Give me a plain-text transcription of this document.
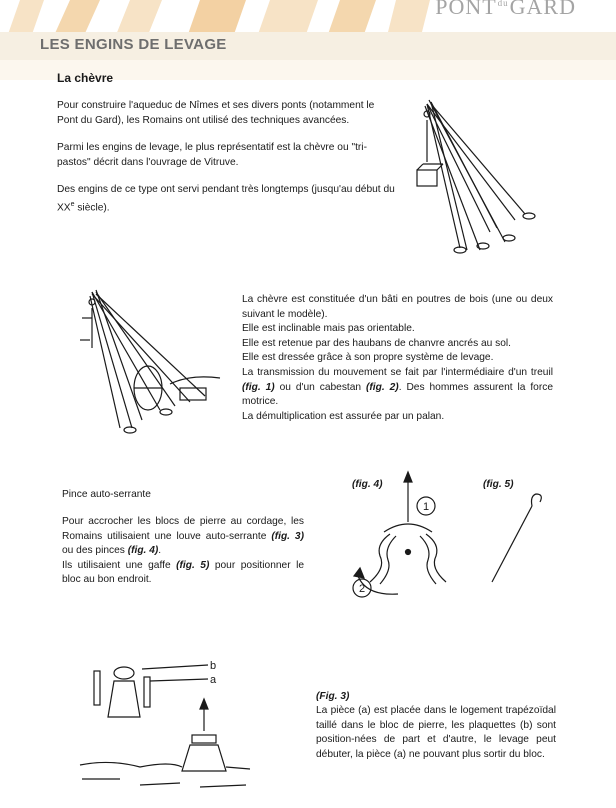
$PONT^{du}GARD$
LES ENGINS DE LEVAGE
La chèvre
Pour construire l'aqueduc de Nîmes et ses divers ponts (notamment le Pont du Gard), les Romains ont utilisé des techniques avancées.
Parmi les engins de levage, le plus représentatif est la chèvre ou "tri-pastos" décrit dans l'ouvrage de Vitruve.
Des engins de ce type ont servi pendant très longtemps (jusqu'au début du XXe siècle).
La chèvre est constituée d'un bâti en poutres de bois (une ou deux suivant le modèle).
Elle est inclinable mais pas orientable.
Elle est retenue par des haubans de chanvre ancrés au sol.
Elle est dressée grâce à son propre système de levage.
La transmission du mouvement se fait par l'intermédiaire d'un treuil (fig. 1) ou d'un cabestan (fig. 2). Des hommes assurent la force motrice.
La démultiplication est assurée par un palan.
Pince auto-serrante
Pour accrocher les blocs de pierre au cordage, les Romains utilisaient une louve auto-serrante (fig. 3) ou des pinces (fig. 4).
Ils utilisaient une gaffe (fig. 5) pour positionner le bloc au bon endroit.
(fig. 4)	(fig. 5)
1
2
b
a
(Fig. 3)
La pièce (a) est placée dans le logement trapézoïdal taillé dans le bloc de pierre, les plaquettes (b) sont position-nées de part et d'autre, le levage peut débuter, la pièce (a) ne pouvant plus sortir du bloc.
